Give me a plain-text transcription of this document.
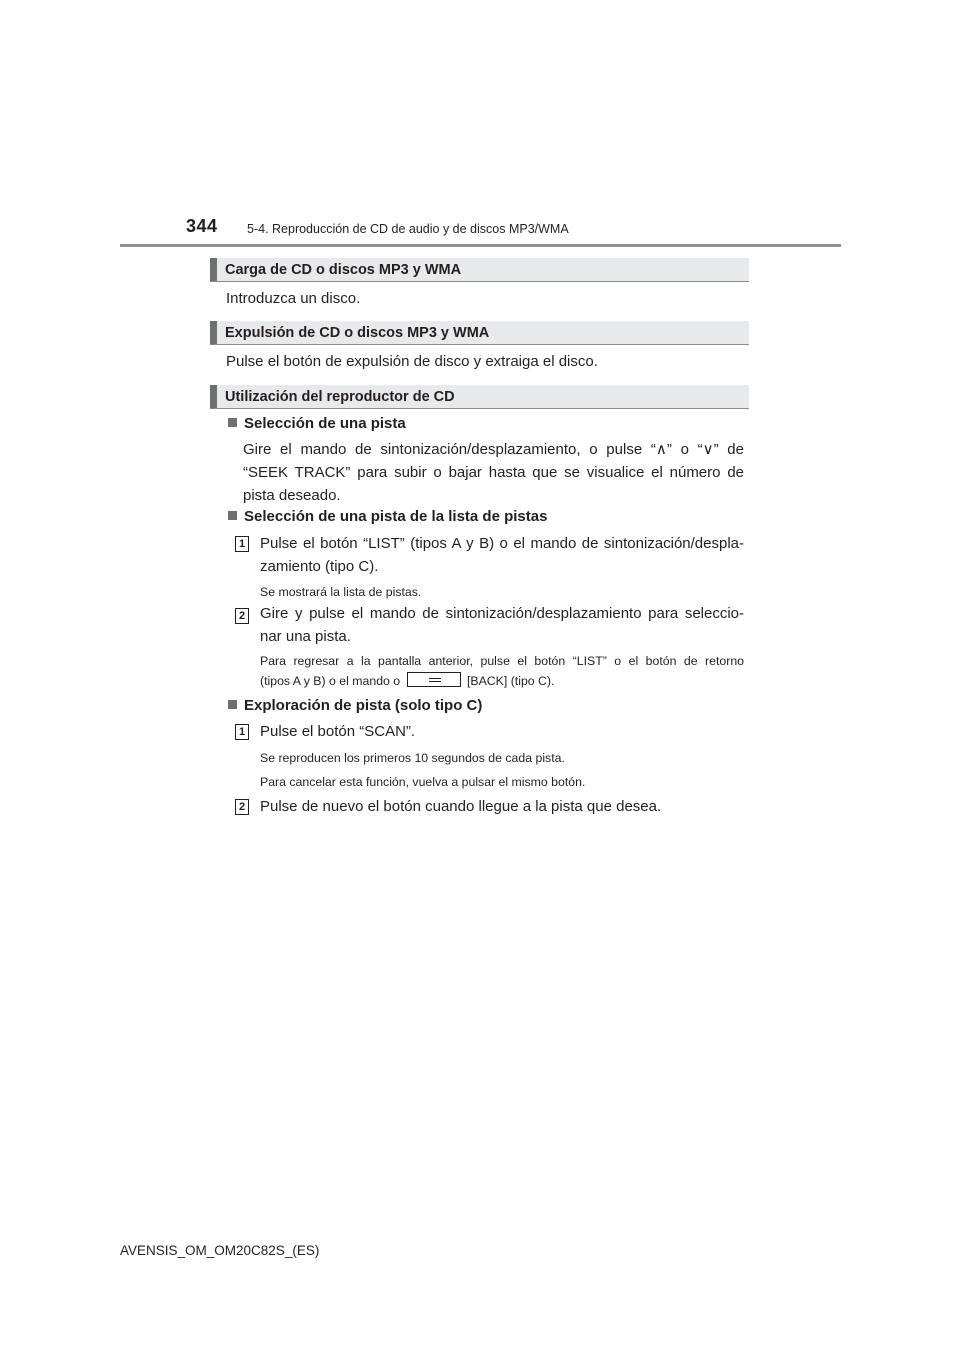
344 5-4. Reproducción de CD de audio y de discos MP3/WMA
Carga de CD o discos MP3 y WMA
Introduzca un disco.
Expulsión de CD o discos MP3 y WMA
Pulse el botón de expulsión de disco y extraiga el disco.
Utilización del reproductor de CD
Selección de una pista
Gire el mando de sintonización/desplazamiento, o pulse “∧” o “∨” de
“SEEK TRACK” para subir o bajar hasta que se visualice el número de
pista deseado.
Selección de una pista de la lista de pistas
1 Pulse el botón “LIST” (tipos A y B) o el mando de sintonización/despla-
zamiento (tipo C).
Se mostrará la lista de pistas.
2 Gire y pulse el mando de sintonización/desplazamiento para seleccio-
nar una pista.
Para regresar a la pantalla anterior, pulse el botón “LIST” o el botón de retorno
(tipos A y B) o el mando o	[BACK] (tipo C).
Exploración de pista (solo tipo C)
1 Pulse el botón “SCAN”.
Se reproducen los primeros 10 segundos de cada pista.
Para cancelar esta función, vuelva a pulsar el mismo botón.
2 Pulse de nuevo el botón cuando llegue a la pista que desea.
AVENSIS_OM_OM20C82S_(ES)
